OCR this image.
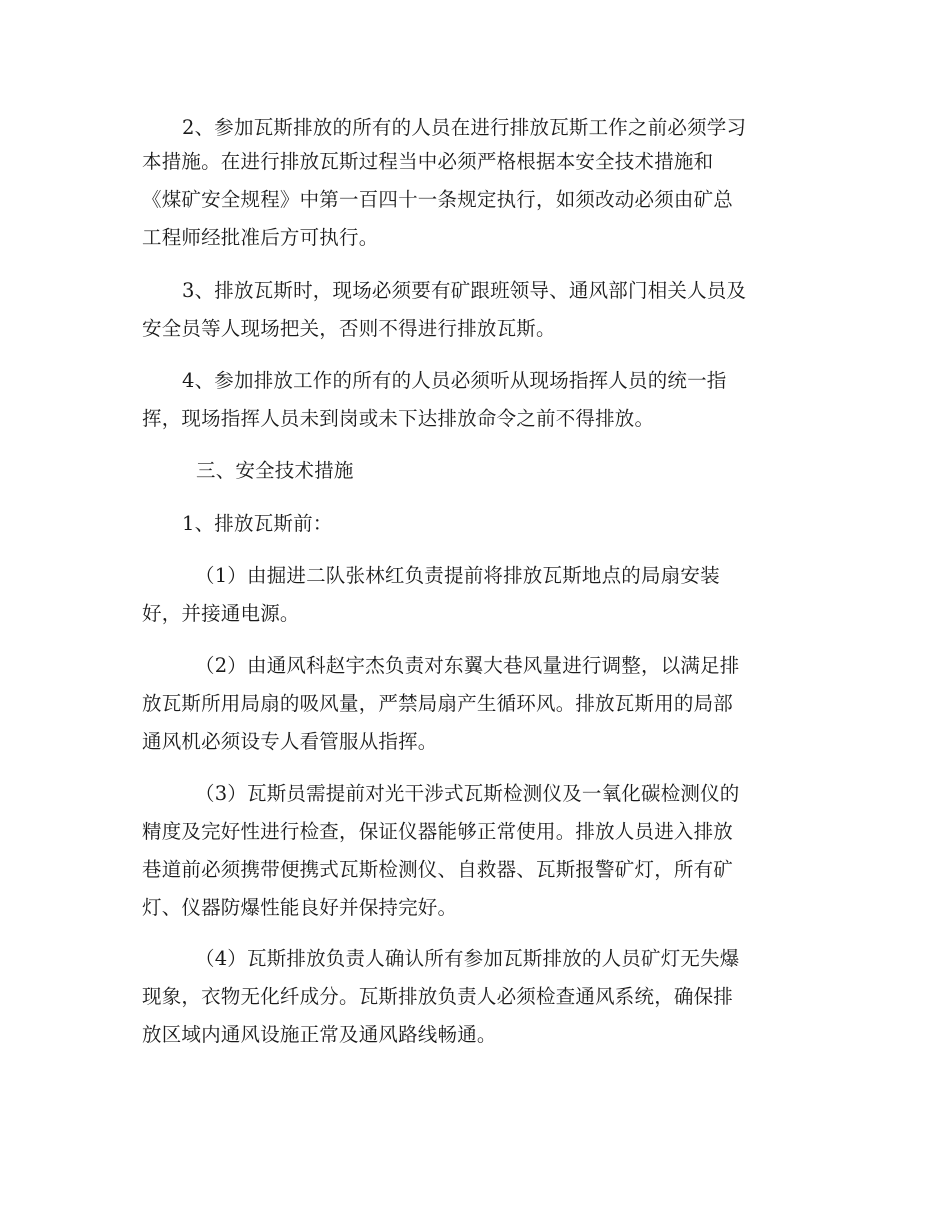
2、参加瓦斯排放的所有的人员在进行排放瓦斯工作之前必须学习
本措施。在进行排放瓦斯过程当中必须严格根据本安全技术措施和
《煤矿安全规程》中第一百四十一条规定执行，如须改动必须由矿总
工程师经批准后方可执行。
3、排放瓦斯时，现场必须要有矿跟班领导、通风部门相关人员及
安全员等人现场把关，否则不得进行排放瓦斯。
4、参加排放工作的所有的人员必须听从现场指挥人员的统一指
挥，现场指挥人员未到岗或未下达排放命令之前不得排放。
三、安全技术措施
1、排放瓦斯前：
（1）由掘进二队张林红负责提前将排放瓦斯地点的局扇安装
好，并接通电源。
（2）由通风科赵宇杰负责对东翼大巷风量进行调整，以满足排
放瓦斯所用局扇的吸风量，严禁局扇产生循环风。排放瓦斯用的局部
通风机必须设专人看管服从指挥。
（3）瓦斯员需提前对光干涉式瓦斯检测仪及一氧化碳检测仪的
精度及完好性进行检查，保证仪器能够正常使用。排放人员进入排放
巷道前必须携带便携式瓦斯检测仪、自救器、瓦斯报警矿灯，所有矿
灯、仪器防爆性能良好并保持完好。
（4）瓦斯排放负责人确认所有参加瓦斯排放的人员矿灯无失爆
现象，衣物无化纤成分。瓦斯排放负责人必须检查通风系统，确保排
放区域内通风设施正常及通风路线畅通。
